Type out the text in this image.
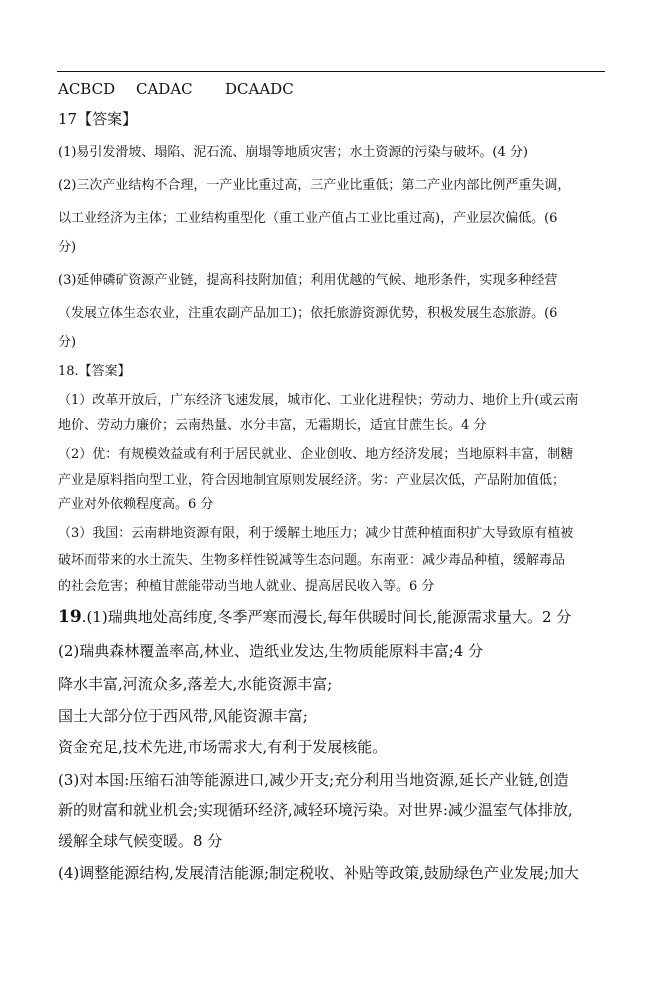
ACBCD CADAC DCAADC
17【答案】
(1)易引发滑坡、塌陷、泥石流、崩塌等地质灾害；水土资源的污染与破坏。(4 分)
(2)三次产业结构不合理，一产业比重过高，三产业比重低；第二产业内部比例严重失调，
以工业经济为主体；工业结构重型化（重工业产值占工业比重过高)，产业层次偏低。(6
分)
(3)延伸磷矿资源产业链，提高科技附加值；利用优越的气候、地形条件，实现多种经营
（发展立体生态农业，注重农副产品加工)；依托旅游资源优势，积极发展生态旅游。(6
分)
18.【答案】
（1）改革开放后，广东经济飞速发展，城市化、工业化进程快；劳动力、地价上升(或云南
地价、劳动力廉价；云南热量、水分丰富，无霜期长，适宜甘蔗生长。4 分
（2）优：有规模效益或有利于居民就业、企业创收、地方经济发展；当地原料丰富，制糖
产业是原料指向型工业，符合因地制宜原则发展经济。劣：产业层次低，产品附加值低；
产业对外依赖程度高。6 分
（3）我国：云南耕地资源有限，利于缓解土地压力；减少甘蔗种植面积扩大导致原有植被
破坏而带来的水土流失、生物多样性锐减等生态问题。东南亚：减少毒品种植，缓解毒品
的社会危害；种植甘蔗能带动当地人就业、提高居民收入等。6 分
19.(1)瑞典地处高纬度,冬季严寒而漫长,每年供暖时间长,能源需求量大。2 分
(2)瑞典森林覆盖率高,林业、造纸业发达,生物质能原料丰富;4 分
降水丰富,河流众多,落差大,水能资源丰富;
国土大部分位于西风带,风能资源丰富;
资金充足,技术先进,市场需求大,有利于发展核能。
(3)对本国:压缩石油等能源进口,减少开支;充分利用当地资源,延长产业链,创造
新的财富和就业机会;实现循环经济,减轻环境污染。对世界:减少温室气体排放,
缓解全球气候变暖。8 分
(4)调整能源结构,发展清洁能源;制定税收、补贴等政策,鼓励绿色产业发展;加大
